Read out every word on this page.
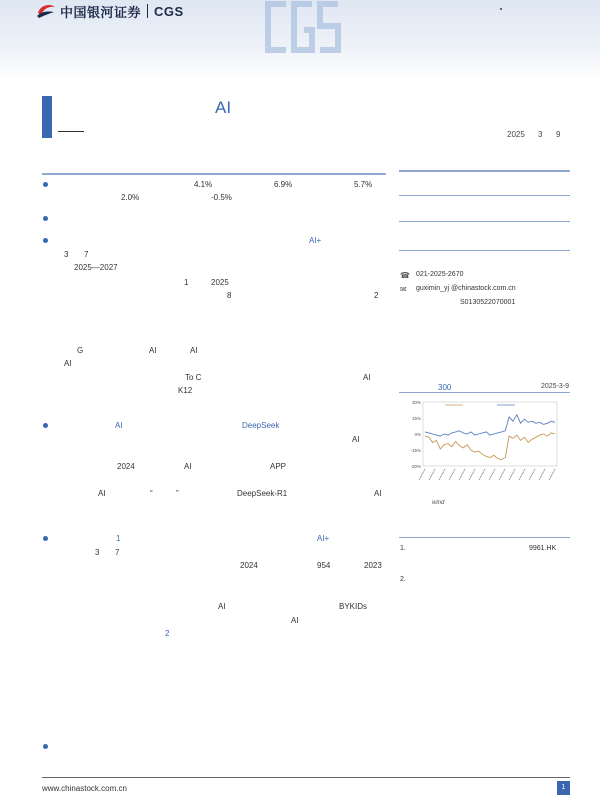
中国银河证券 CGS
AI
2025 3 9
4.1%	6.9%	5.7%
2.0%	-0.5%
AI+
3 7
2025—2027
1	2025
8	2
G	AI	AI
AI
To C	AI
K12
AI	DeepSeek
AI
2024	AI	APP
AI	“	”	DeepSeek-R1	AI
1	AI+
3 7
2024	954	2023
AI	BYKIDs
AI
2
☎ 021-2025-2670
✉ guximin_yj @chinastock.com.cn
S0130522070001
300	2025-3-9
30%
15%
0%
-15%
-30%
wind
1.	9961.HK
2.
www.chinastock.com.cn	1
